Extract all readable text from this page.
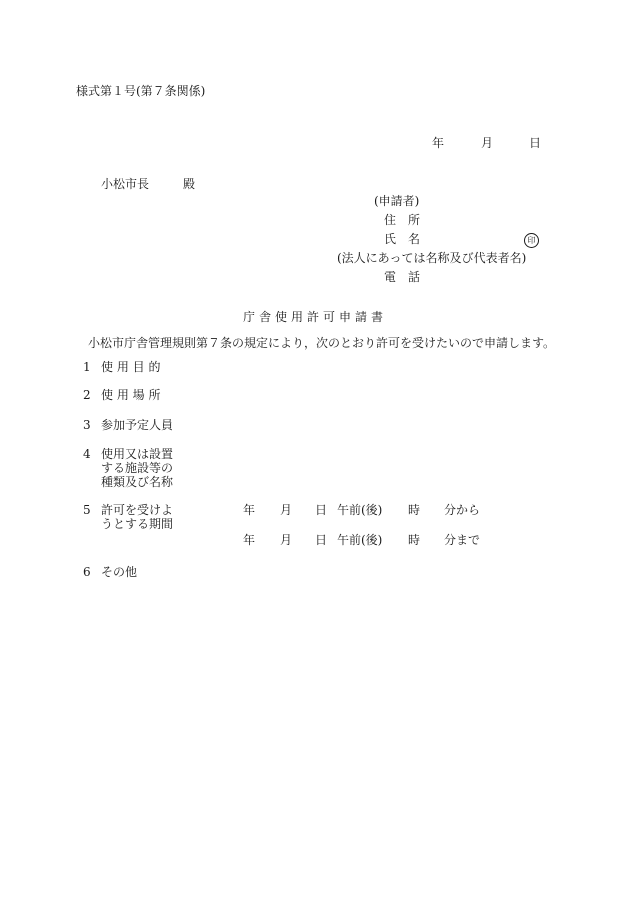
様式第１号(第７条関係)
年	月	日
小松市長	殿
(申請者)
住　所
氏　名	印
(法人にあっては名称及び代表者名)
電　話
庁舎使用許可申請書
小松市庁舎管理規則第７条の規定により，次のとおり許可を受けたいので申請します。
1 使 用 目 的
2 使 用 場 所
3 参加予定人員
4 使用又は設置
する施設等の
種類及び名称
5 許可を受けよ
うとする期間
年 月 日 午前(後) 時 分から
年 月 日 午前(後) 時 分まで
6 その他
